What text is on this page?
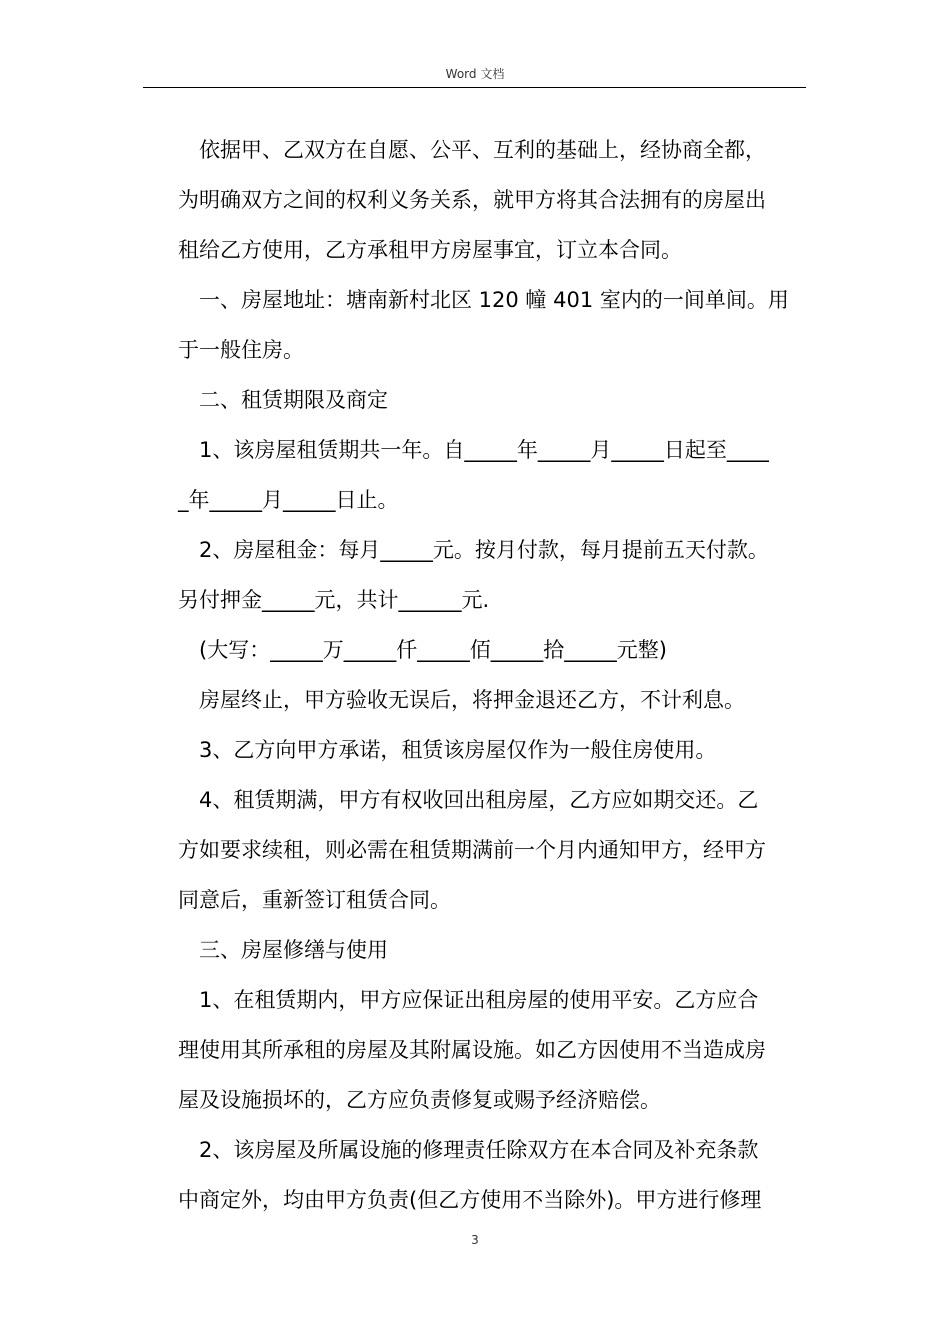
Word 文档
依据甲、乙双方在自愿、公平、互利的基础上，经协商全都，
为明确双方之间的权利义务关系，就甲方将其合法拥有的房屋出
租给乙方使用，乙方承租甲方房屋事宜，订立本合同。
一、房屋地址：塘南新村北区 120 幢 401 室内的一间单间。用
于一般住房。
二、租赁期限及商定
1、该房屋租赁期共一年。自_____年_____月_____日起至____
_年_____月_____日止。
2、房屋租金：每月_____元。按月付款，每月提前五天付款。
另付押金_____元，共计______元.
(大写：_____万_____仟_____佰_____拾_____元整)
房屋终止，甲方验收无误后，将押金退还乙方，不计利息。
3、乙方向甲方承诺，租赁该房屋仅作为一般住房使用。
4、租赁期满，甲方有权收回出租房屋，乙方应如期交还。乙
方如要求续租，则必需在租赁期满前一个月内通知甲方，经甲方
同意后，重新签订租赁合同。
三、房屋修缮与使用
1、在租赁期内，甲方应保证出租房屋的使用平安。乙方应合
理使用其所承租的房屋及其附属设施。如乙方因使用不当造成房
屋及设施损坏的，乙方应负责修复或赐予经济赔偿。
2、该房屋及所属设施的修理责任除双方在本合同及补充条款
中商定外，均由甲方负责(但乙方使用不当除外)。甲方进行修理
3
